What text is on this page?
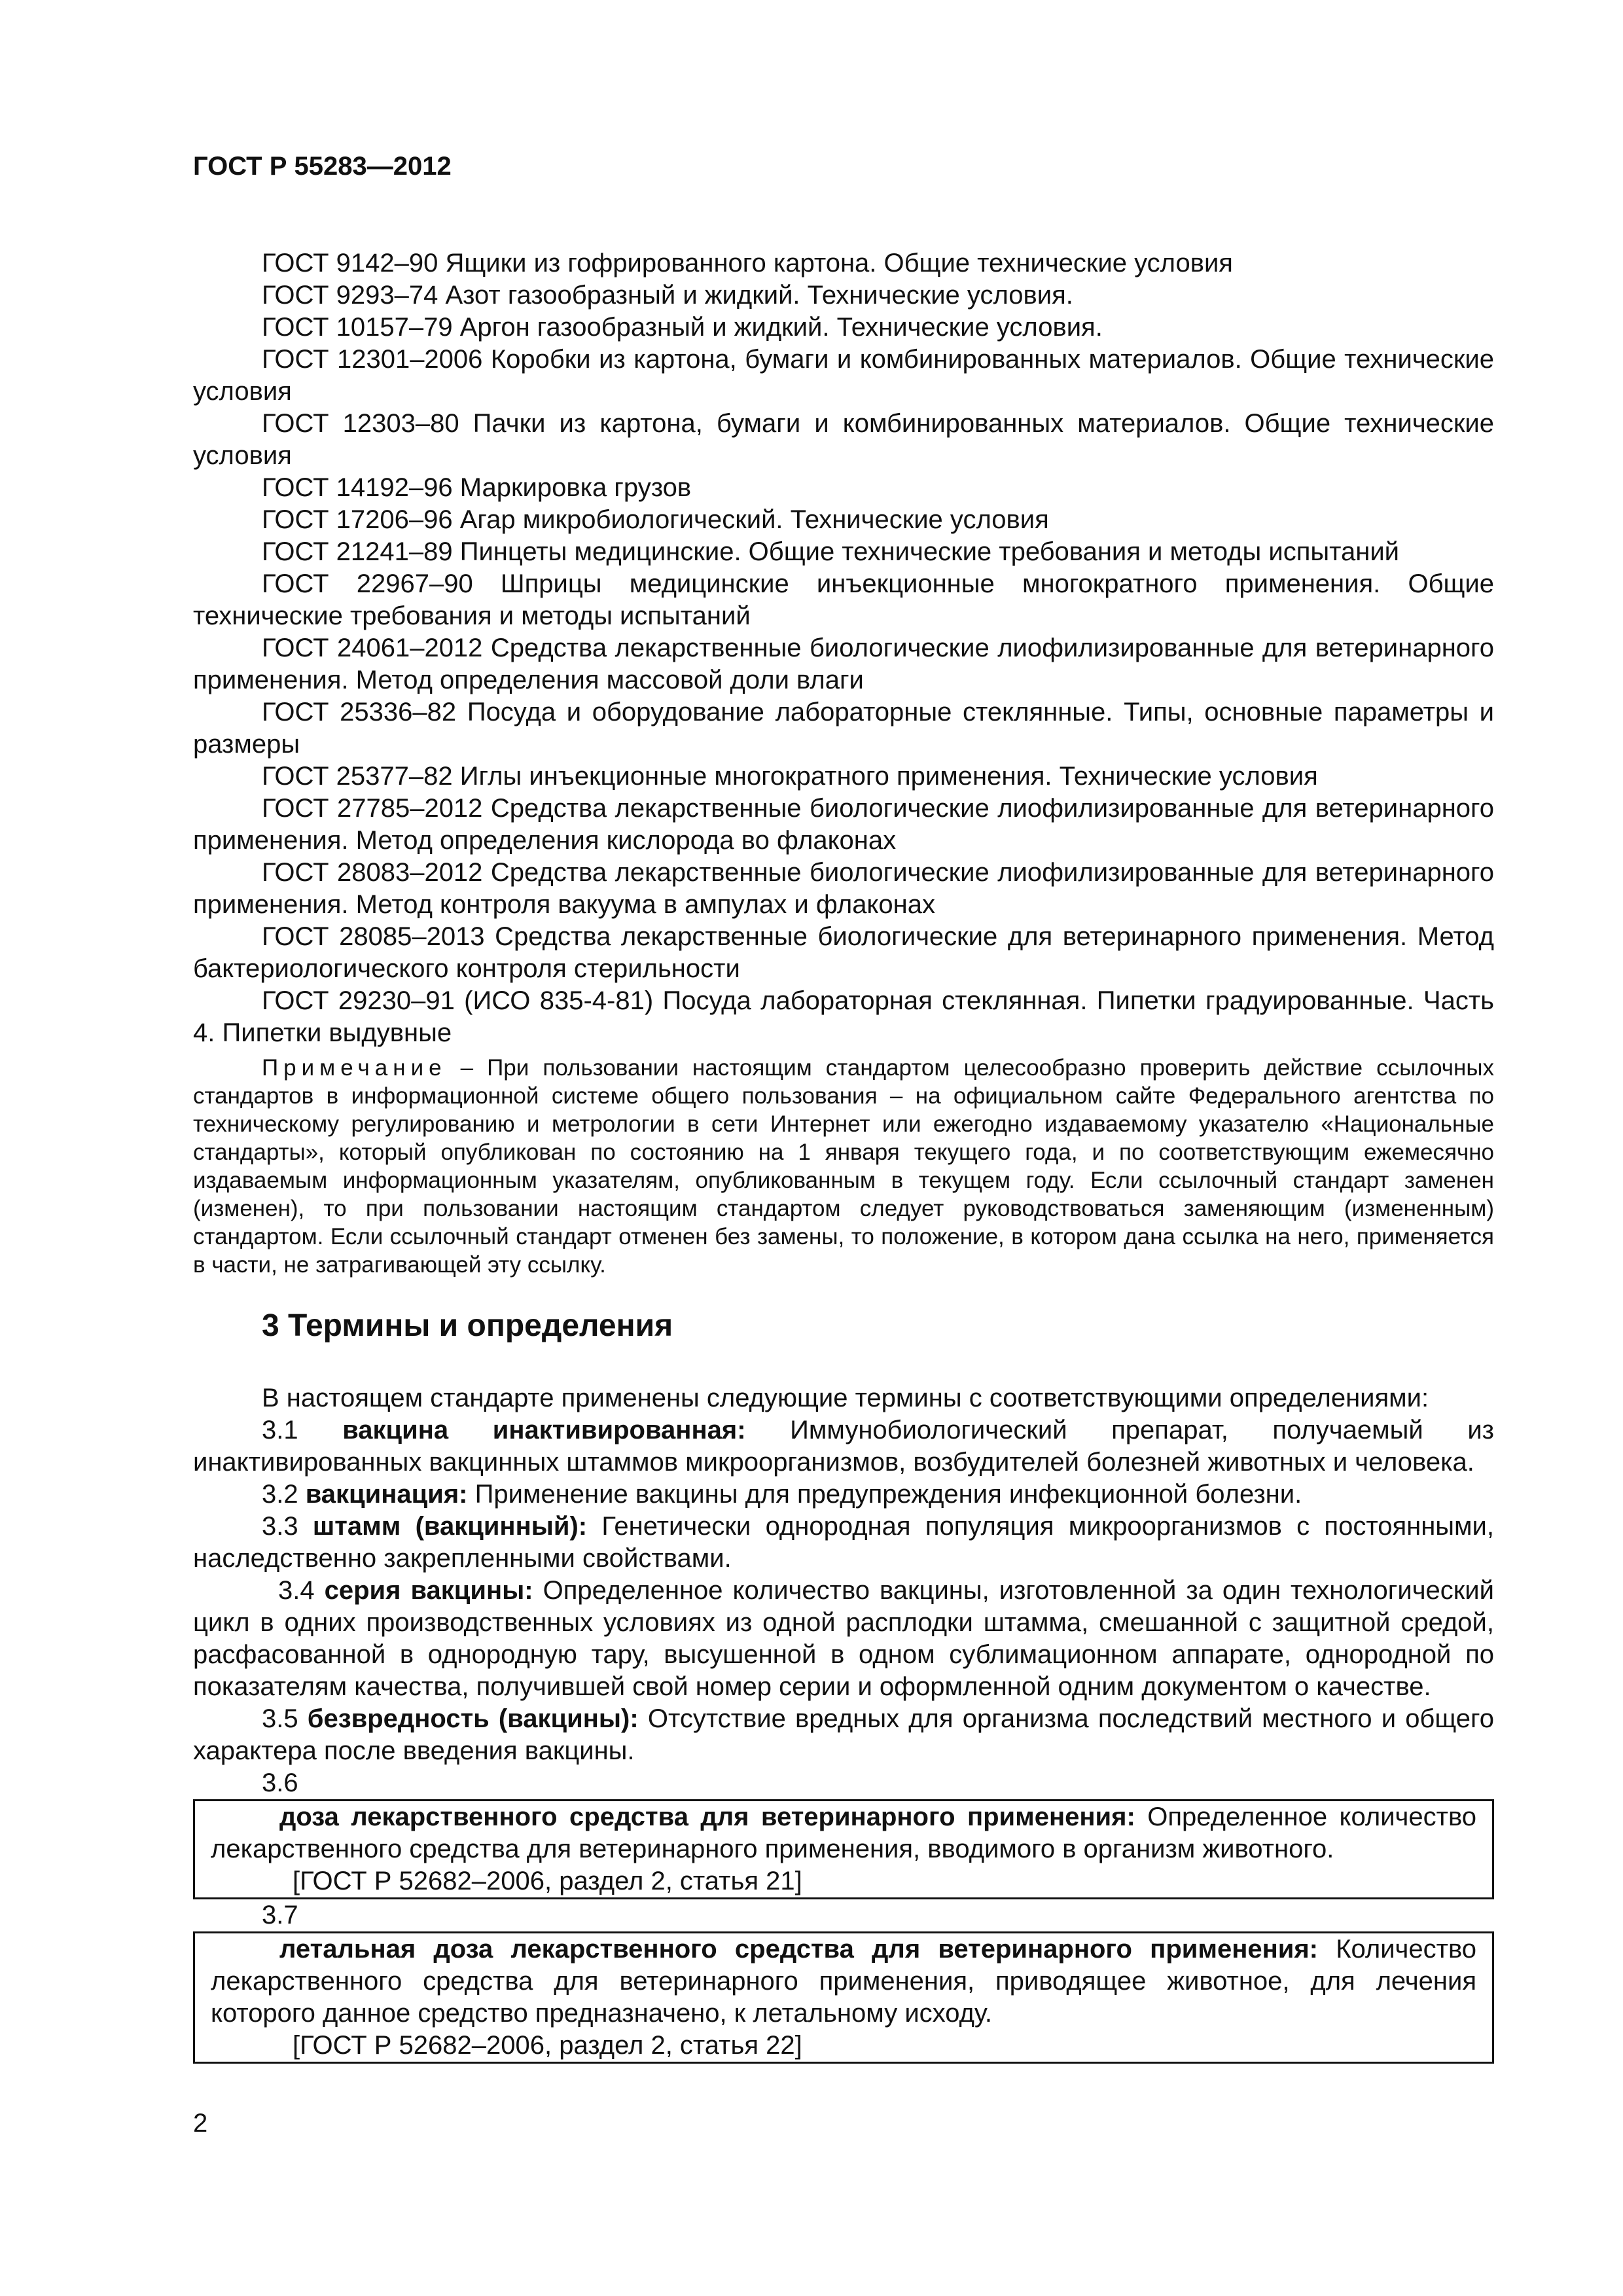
ГОСТ Р 55283—2012

ГОСТ 9142–90 Ящики из гофрированного картона. Общие технические условия

ГОСТ 9293–74 Азот газообразный и жидкий. Технические условия.

ГОСТ 10157–79 Аргон газообразный и жидкий. Технические условия.

ГОСТ 12301–2006 Коробки из картона, бумаги и комбинированных материалов. Общие технические условия

ГОСТ 12303–80 Пачки из картона, бумаги и комбинированных материалов. Общие технические условия

ГОСТ 14192–96 Маркировка грузов

ГОСТ 17206–96 Агар микробиологический. Технические условия

ГОСТ 21241–89 Пинцеты медицинские. Общие технические требования и методы испытаний

ГОСТ 22967–90 Шприцы медицинские инъекционные многократного применения. Общие технические требования и методы испытаний

ГОСТ 24061–2012 Средства лекарственные биологические лиофилизированные для ветеринарного применения. Метод определения массовой доли влаги

ГОСТ 25336–82 Посуда и оборудование лабораторные стеклянные. Типы, основные параметры и размеры

ГОСТ 25377–82 Иглы инъекционные многократного применения. Технические условия

ГОСТ 27785–2012 Средства лекарственные биологические лиофилизированные для ветеринарного применения. Метод определения кислорода во флаконах

ГОСТ 28083–2012 Средства лекарственные биологические лиофилизированные для ветеринарного применения. Метод контроля вакуума в ампулах и флаконах

ГОСТ 28085–2013 Средства лекарственные биологические для ветеринарного применения. Метод бактериологического контроля стерильности

ГОСТ 29230–91 (ИСО 835-4-81) Посуда лабораторная стеклянная. Пипетки градуированные. Часть 4. Пипетки выдувные

Примечание – При пользовании настоящим стандартом целесообразно проверить действие ссылочных стандартов в информационной системе общего пользования – на официальном сайте Федерального агентства по техническому регулированию и метрологии в сети Интернет или ежегодно издаваемому указателю «Национальные стандарты», который опубликован по состоянию на 1 января текущего года, и по соответствующим ежемесячно издаваемым информационным указателям, опубликованным в текущем году. Если ссылочный стандарт заменен (изменен), то при пользовании настоящим стандартом следует руководствоваться заменяющим (измененным) стандартом. Если ссылочный стандарт отменен без замены, то положение, в котором дана ссылка на него, применяется в части, не затрагивающей эту ссылку.

3 Термины и определения

В настоящем стандарте применены следующие термины с соответствующими определениями:

3.1 вакцина инактивированная: Иммунобиологический препарат, получаемый из инактивированных вакцинных штаммов микроорганизмов, возбудителей болезней животных и человека.

3.2 вакцинация: Применение вакцины для предупреждения инфекционной болезни.

3.3 штамм (вакцинный): Генетически однородная популяция микроорганизмов с постоянными, наследственно закрепленными свойствами.

3.4 серия вакцины: Определенное количество вакцины, изготовленной за один технологический цикл в одних производственных условиях из одной расплодки штамма, смешанной с защитной средой, расфасованной в однородную тару, высушенной в одном сублимационном аппарате, однородной по показателям качества, получившей свой номер серии и оформленной одним документом о качестве.

3.5 безвредность (вакцины): Отсутствие вредных для организма последствий местного и общего характера после введения вакцины.

3.6

доза лекарственного средства для ветеринарного применения: Определенное количество лекарственного средства для ветеринарного применения, вводимого в организм животного.

[ГОСТ Р 52682–2006, раздел 2, статья 21]

3.7

летальная доза лекарственного средства для ветеринарного применения: Количество лекарственного средства для ветеринарного применения, приводящее животное, для лечения которого данное средство предназначено, к летальному исходу.

[ГОСТ Р 52682–2006, раздел 2, статья 22]

2
